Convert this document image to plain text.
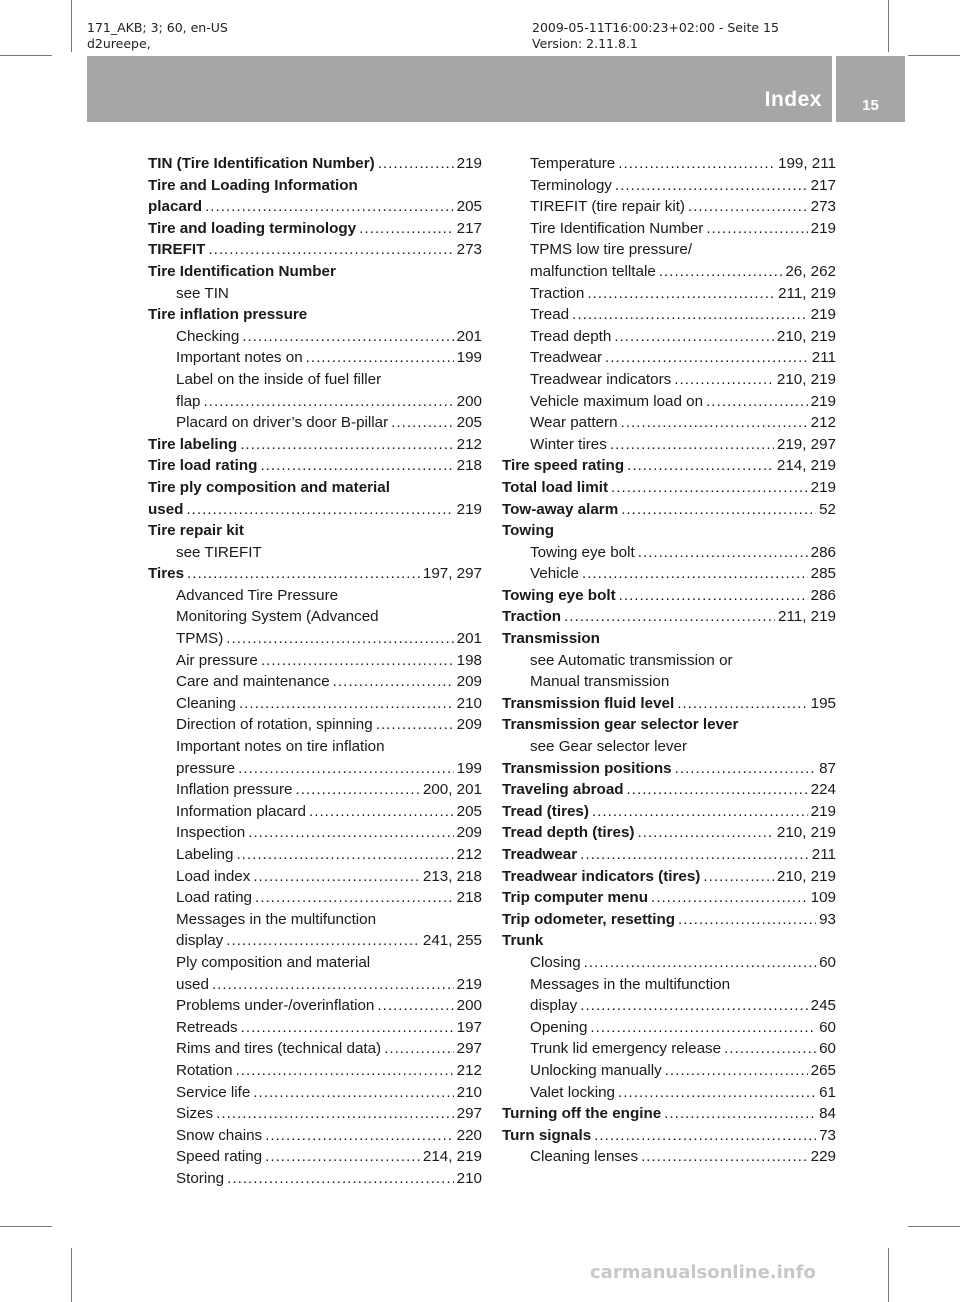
171_AKB; 3; 60, en-US
d2ureepe,
2009-05-11T16:00:23+02:00 - Seite 15
Version: 2.11.8.1
Index	15
TIN (Tire Identification Number) .....	219
Tire and Loading Information
placard .....	205
Tire and loading terminology .....	217
TIREFIT .....	273
Tire Identification Number
see TIN
Tire inflation pressure
Checking .....	201
Important notes on .....	199
Label on the inside of fuel filler
flap .....	200
Placard on driver’s door B-pillar .....	205
Tire labeling .....	212
Tire load rating .....	218
Tire ply composition and material
used .....	219
Tire repair kit
see TIREFIT
Tires .....	197, 297
Advanced Tire Pressure
Monitoring System (Advanced
TPMS) .....	201
Air pressure .....	198
Care and maintenance .....	209
Cleaning .....	210
Direction of rotation, spinning .....	209
Important notes on tire inflation
pressure .....	199
Inflation pressure .....	200, 201
Information placard .....	205
Inspection .....	209
Labeling .....	212
Load index .....	213, 218
Load rating .....	218
Messages in the multifunction
display .....	241, 255
Ply composition and material
used .....	219
Problems under-/overinflation .....	200
Retreads .....	197
Rims and tires (technical data) .....	297
Rotation .....	212
Service life .....	210
Sizes .....	297
Snow chains .....	220
Speed rating .....	214, 219
Storing .....	210
Temperature .....	199, 211
Terminology .....	217
TIREFIT (tire repair kit) .....	273
Tire Identification Number .....	219
TPMS low tire pressure/
malfunction telltale .....	26, 262
Traction .....	211, 219
Tread .....	219
Tread depth .....	210, 219
Treadwear .....	211
Treadwear indicators .....	210, 219
Vehicle maximum load on .....	219
Wear pattern .....	212
Winter tires .....	219, 297
Tire speed rating .....	214, 219
Total load limit .....	219
Tow-away alarm .....	52
Towing
Towing eye bolt .....	286
Vehicle .....	285
Towing eye bolt .....	286
Traction .....	211, 219
Transmission
see Automatic transmission or
Manual transmission
Transmission fluid level .....	195
Transmission gear selector lever
see Gear selector lever
Transmission positions .....	87
Traveling abroad .....	224
Tread (tires) .....	219
Tread depth (tires) .....	210, 219
Treadwear .....	211
Treadwear indicators (tires) .....	210, 219
Trip computer menu .....	109
Trip odometer, resetting .....	93
Trunk
Closing .....	60
Messages in the multifunction
display .....	245
Opening .....	60
Trunk lid emergency release .....	60
Unlocking manually .....	265
Valet locking .....	61
Turning off the engine .....	84
Turn signals .....	73
Cleaning lenses .....	229
carmanualsonline.info
